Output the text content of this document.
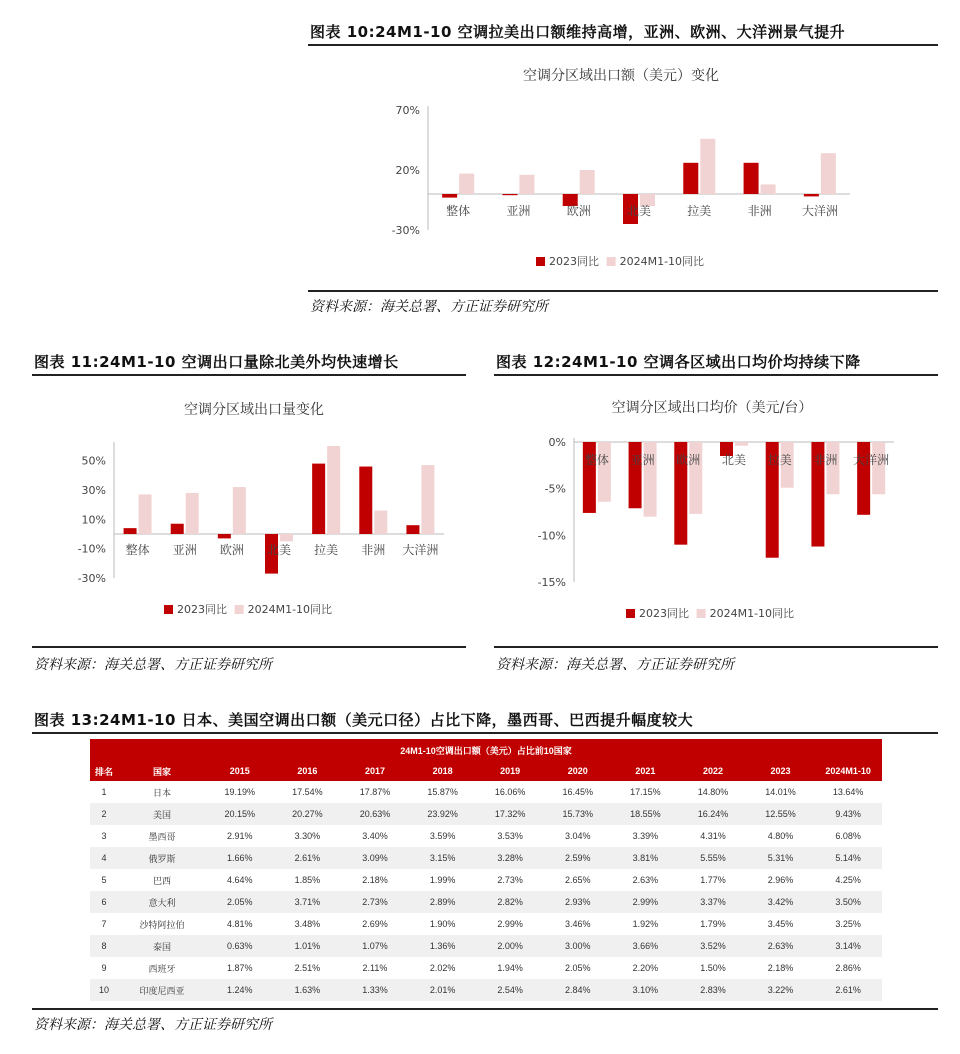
图表 10:24M1-10 空调拉美出口额维持高增，亚洲、欧洲、大洋洲景气提升
空调分区域出口额（美元）变化
70%
20%
-30%
整体	亚洲	欧洲	北美	拉美	非洲	大洋洲
2023同比 2024M1-10同比
资料来源：海关总署、方正证券研究所
图表 11:24M1-10 空调出口量除北美外均快速增长
空调分区域出口量变化
50%
30%
10%
-10%
-30%
整体 亚洲 欧洲 北美 拉美 非洲 大洋洲
2023同比 2024M1-10同比
资料来源：海关总署、方正证券研究所
图表 12:24M1-10 空调各区域出口均价均持续下降
空调分区域出口均价（美元/台）
0%
-5%
-10%
-15%
整体 亚洲 欧洲 北美 拉美 非洲 大洋洲
2023同比 2024M1-10同比
资料来源：海关总署、方正证券研究所
图表 13:24M1-10 日本、美国空调出口额（美元口径）占比下降，墨西哥、巴西提升幅度较大
24M1-10空调出口额（美元）占比前10国家											
排名	国家	2015	2016	2017	2018	2019	2020	2021	2022	2023	2024M1-10
1	日本	19.19%	17.54%	17.87%	15.87%	16.06%	16.45%	17.15%	14.80%	14.01%	13.64%
2	美国	20.15%	20.27%	20.63%	23.92%	17.32%	15.73%	18.55%	16.24%	12.55%	9.43%
3	墨西哥	2.91%	3.30%	3.40%	3.59%	3.53%	3.04%	3.39%	4.31%	4.80%	6.08%
4	俄罗斯	1.66%	2.61%	3.09%	3.15%	3.28%	2.59%	3.81%	5.55%	5.31%	5.14%
5	巴西	4.64%	1.85%	2.18%	1.99%	2.73%	2.65%	2.63%	1.77%	2.96%	4.25%
6	意大利	2.05%	3.71%	2.73%	2.89%	2.82%	2.93%	2.99%	3.37%	3.42%	3.50%
7	沙特阿拉伯	4.81%	3.48%	2.69%	1.90%	2.99%	3.46%	1.92%	1.79%	3.45%	3.25%
8	泰国	0.63%	1.01%	1.07%	1.36%	2.00%	3.00%	3.66%	3.52%	2.63%	3.14%
9	西班牙	1.87%	2.51%	2.11%	2.02%	1.94%	2.05%	2.20%	1.50%	2.18%	2.86%
10	印度尼西亚	1.24%	1.63%	1.33%	2.01%	2.54%	2.84%	3.10%	2.83%	3.22%	2.61%
资料来源：海关总署、方正证券研究所
